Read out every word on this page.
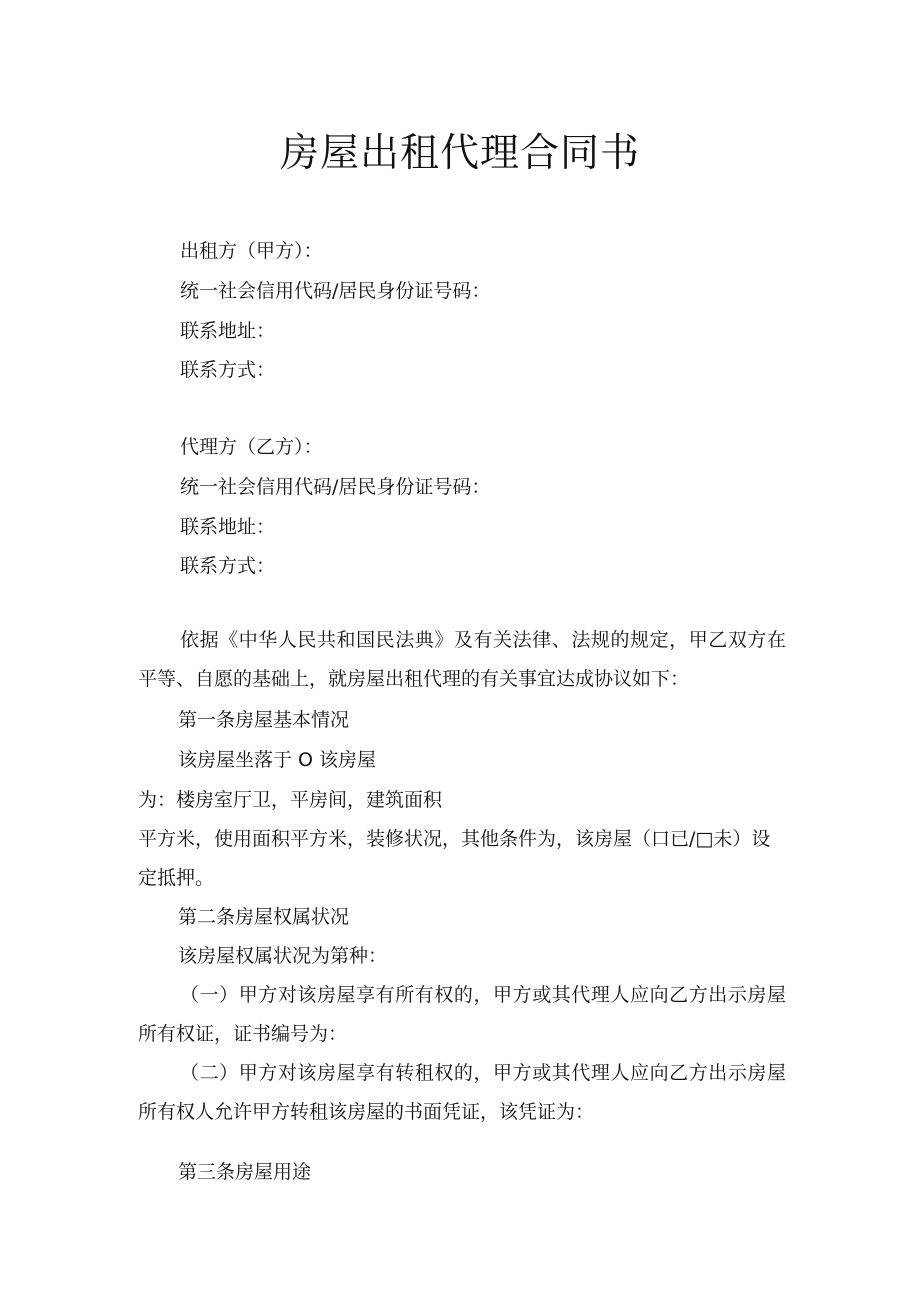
房屋出租代理合同书

出租方（甲方）：

统一社会信用代码/居民身份证号码：

联系地址：

联系方式：

代理方（乙方）：

统一社会信用代码/居民身份证号码：

联系地址：

联系方式：

依据《中华人民共和国民法典》及有关法律、法规的规定，甲乙双方在平等、自愿的基础上，就房屋出租代理的有关事宜达成协议如下：

第一条房屋基本情况

该房屋坐落于 O 该房屋

为：楼房室厅卫，平房间，建筑面积

平方米，使用面积平方米，装修状况，其他条件为，该房屋（口已/□未）设

定抵押。

第二条房屋权属状况

该房屋权属状况为第种：

（一）甲方对该房屋享有所有权的，甲方或其代理人应向乙方出示房屋所有权证，证书编号为：

（二）甲方对该房屋享有转租权的，甲方或其代理人应向乙方出示房屋所有权人允许甲方转租该房屋的书面凭证，该凭证为：

第三条房屋用途
